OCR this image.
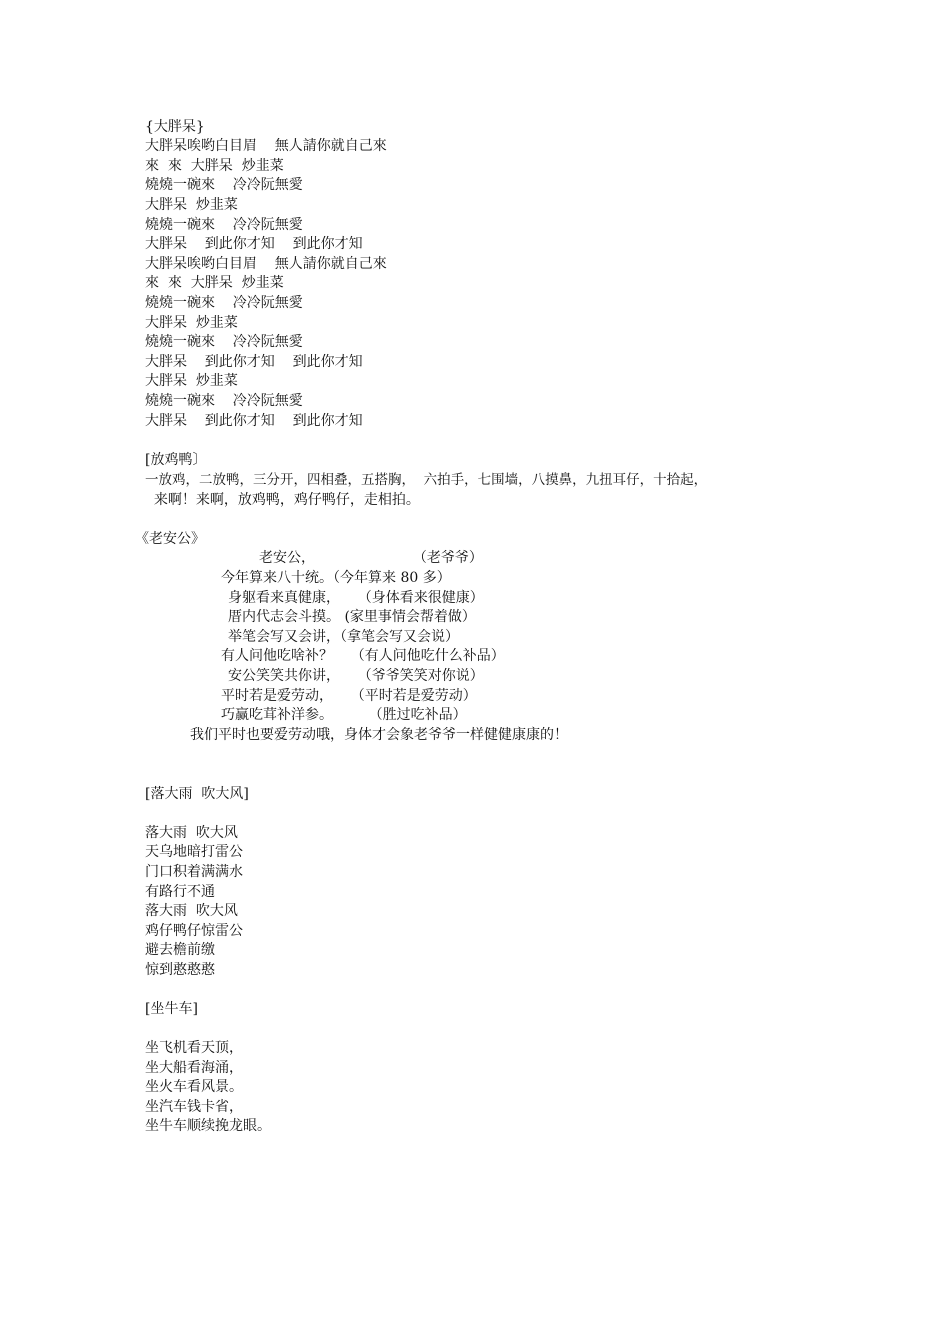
{大胖呆}
大胖呆唉哟白目眉    無人請你就自己來
來  來  大胖呆  炒韭菜
燒燒一碗來    冷冷阮無愛
大胖呆  炒韭菜
燒燒一碗來    冷冷阮無愛
大胖呆    到此你才知    到此你才知
大胖呆唉哟白目眉    無人請你就自己來
來  來  大胖呆  炒韭菜
燒燒一碗來    冷冷阮無愛
大胖呆  炒韭菜
燒燒一碗來    冷冷阮無愛
大胖呆    到此你才知    到此你才知
大胖呆  炒韭菜
燒燒一碗來    冷冷阮無愛
大胖呆    到此你才知    到此你才知
[放鸡鸭〕
一放鸡，二放鸭，三分开，四相叠，五搭胸，  六拍手，七围墙，八摸鼻，九扭耳仔，十拾起，
来啊！来啊，放鸡鸭，鸡仔鸭仔，走相拍。
《老安公》
老安公，                      （老爷爷）
今年算来八十统。（今年算来 80 多）
身躯看来真健康，    （身体看来很健康）
厝内代志会斗摸。 (家里事情会帮着做）
举笔会写又会讲，（拿笔会写又会说）
有人问他吃啥补？    （有人问他吃什么补品）
安公笑笑共你讲，    （爷爷笑笑对你说）
平时若是爱劳动，    （平时若是爱劳动）
巧赢吃茸补洋参。        （胜过吃补品）
我们平时也要爱劳动哦，身体才会象老爷爷一样健健康康的！
[落大雨  吹大风]
落大雨  吹大风
天乌地暗打雷公
门口积着满满水
有路行不通
落大雨  吹大风
鸡仔鸭仔惊雷公
避去檐前缴
惊到憨憨憨
[坐牛车]
坐飞机看天顶，
坐大船看海涌，
坐火车看风景。
坐汽车钱卡省，
坐牛车顺续挽龙眼。
